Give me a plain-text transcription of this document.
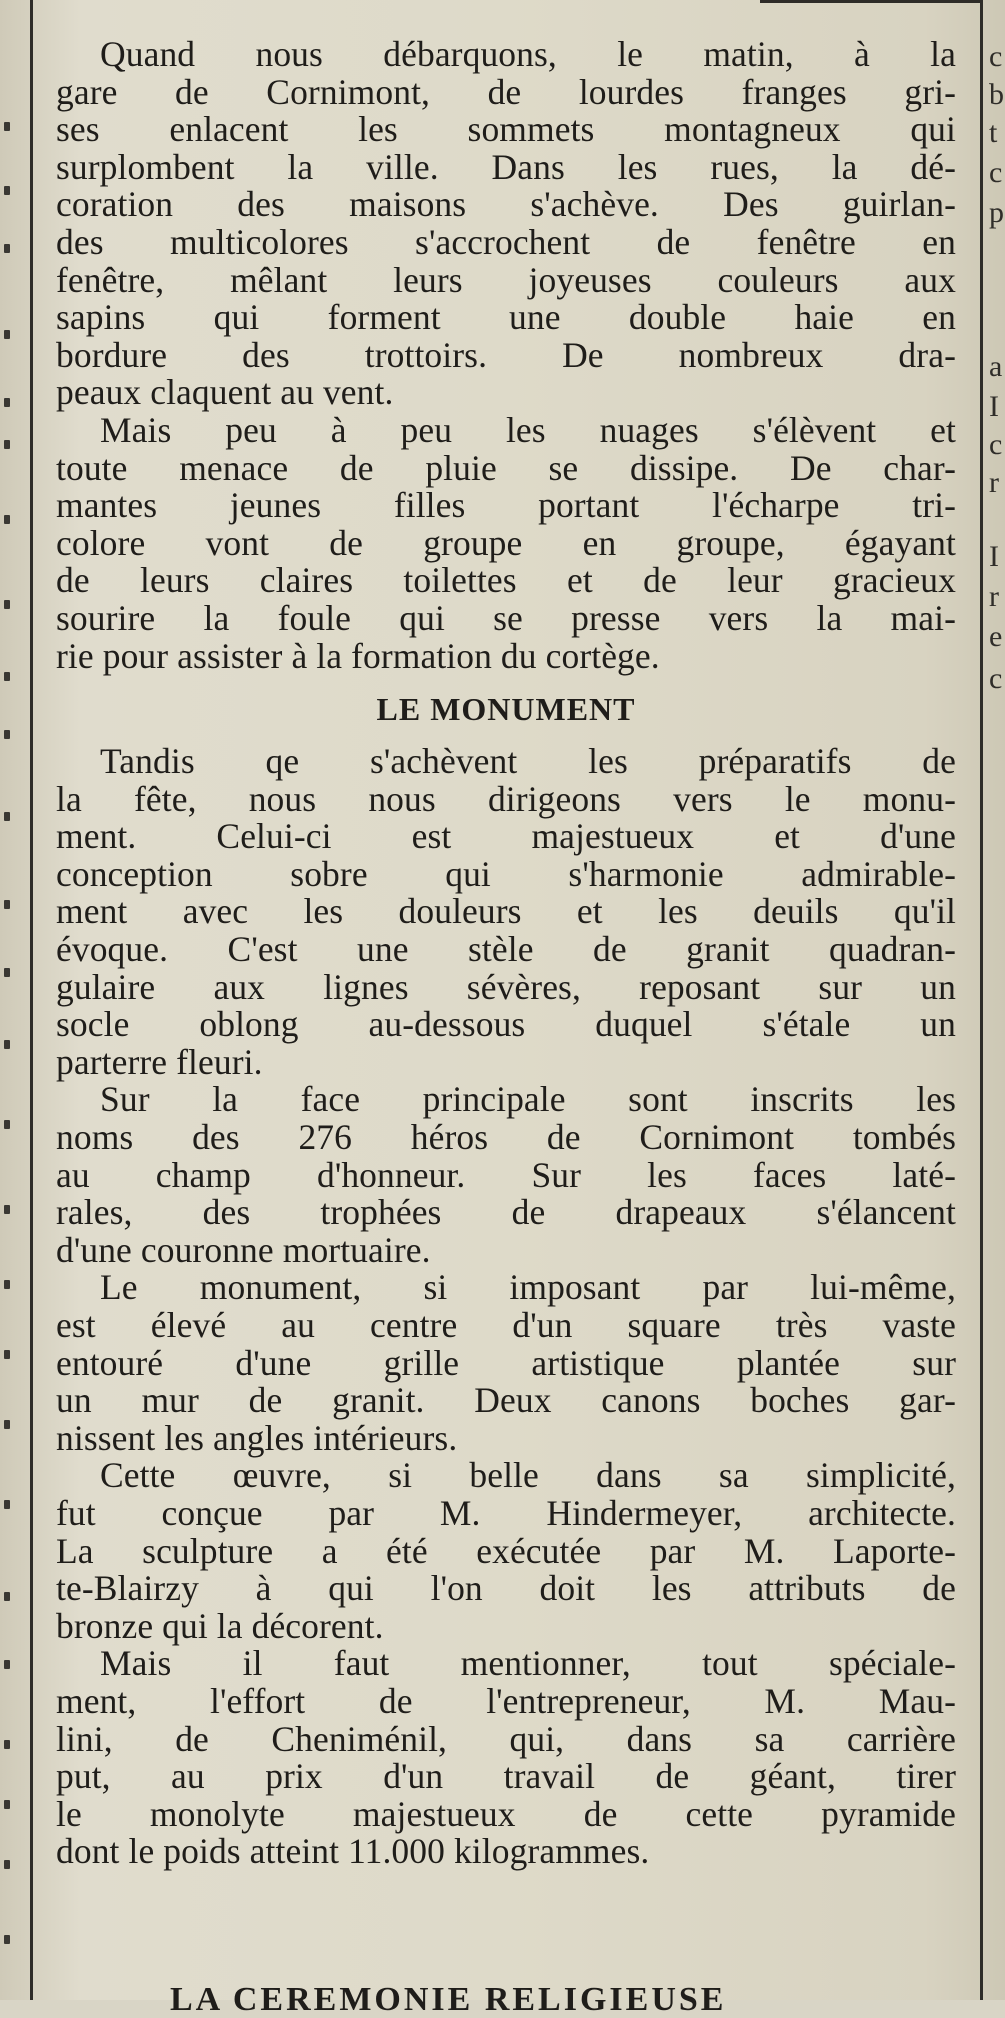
c
b
t
c
p
a
I
c
r
I
r
e
c

Quand nous débarquons, le matin, à la

gare de Cornimont, de lourdes franges gri-

ses enlacent les sommets montagneux qui

surplombent la ville. Dans les rues, la dé-

coration des maisons s'achève. Des guirlan-

des multicolores s'accrochent de fenêtre en

fenêtre, mêlant leurs joyeuses couleurs aux

sapins qui forment une double haie en

bordure des trottoirs. De nombreux dra-

peaux claquent au vent.

Mais peu à peu les nuages s'élèvent et

toute menace de pluie se dissipe. De char-

mantes jeunes filles portant l'écharpe tri-

colore vont de groupe en groupe, égayant

de leurs claires toilettes et de leur gracieux

sourire la foule qui se presse vers la mai-

rie pour assister à la formation du cortège.

LE MONUMENT

Tandis qe s'achèvent les préparatifs de

la fête, nous nous dirigeons vers le monu-

ment. Celui-ci est majestueux et d'une

conception sobre qui s'harmonie admirable-

ment avec les douleurs et les deuils qu'il

évoque. C'est une stèle de granit quadran-

gulaire aux lignes sévères, reposant sur un

socle oblong au-dessous duquel s'étale un

parterre fleuri.

Sur la face principale sont inscrits les

noms des 276 héros de Cornimont tombés

au champ d'honneur. Sur les faces laté-

rales, des trophées de drapeaux s'élancent

d'une couronne mortuaire.

Le monument, si imposant par lui-même,

est élevé au centre d'un square très vaste

entouré d'une grille artistique plantée sur

un mur de granit. Deux canons boches gar-

nissent les angles intérieurs.

Cette œuvre, si belle dans sa simplicité,

fut conçue par M. Hindermeyer, architecte.

La sculpture a été exécutée par M. Laporte-

te-Blairzy à qui l'on doit les attributs de

bronze qui la décorent.

Mais il faut mentionner, tout spéciale-

ment, l'effort de l'entrepreneur, M. Mau-

lini, de Cheniménil, qui, dans sa carrière

put, au prix d'un travail de géant, tirer

le monolyte majestueux de cette pyramide

dont le poids atteint 11.000 kilogrammes.

LA CEREMONIE RELIGIEUSE
